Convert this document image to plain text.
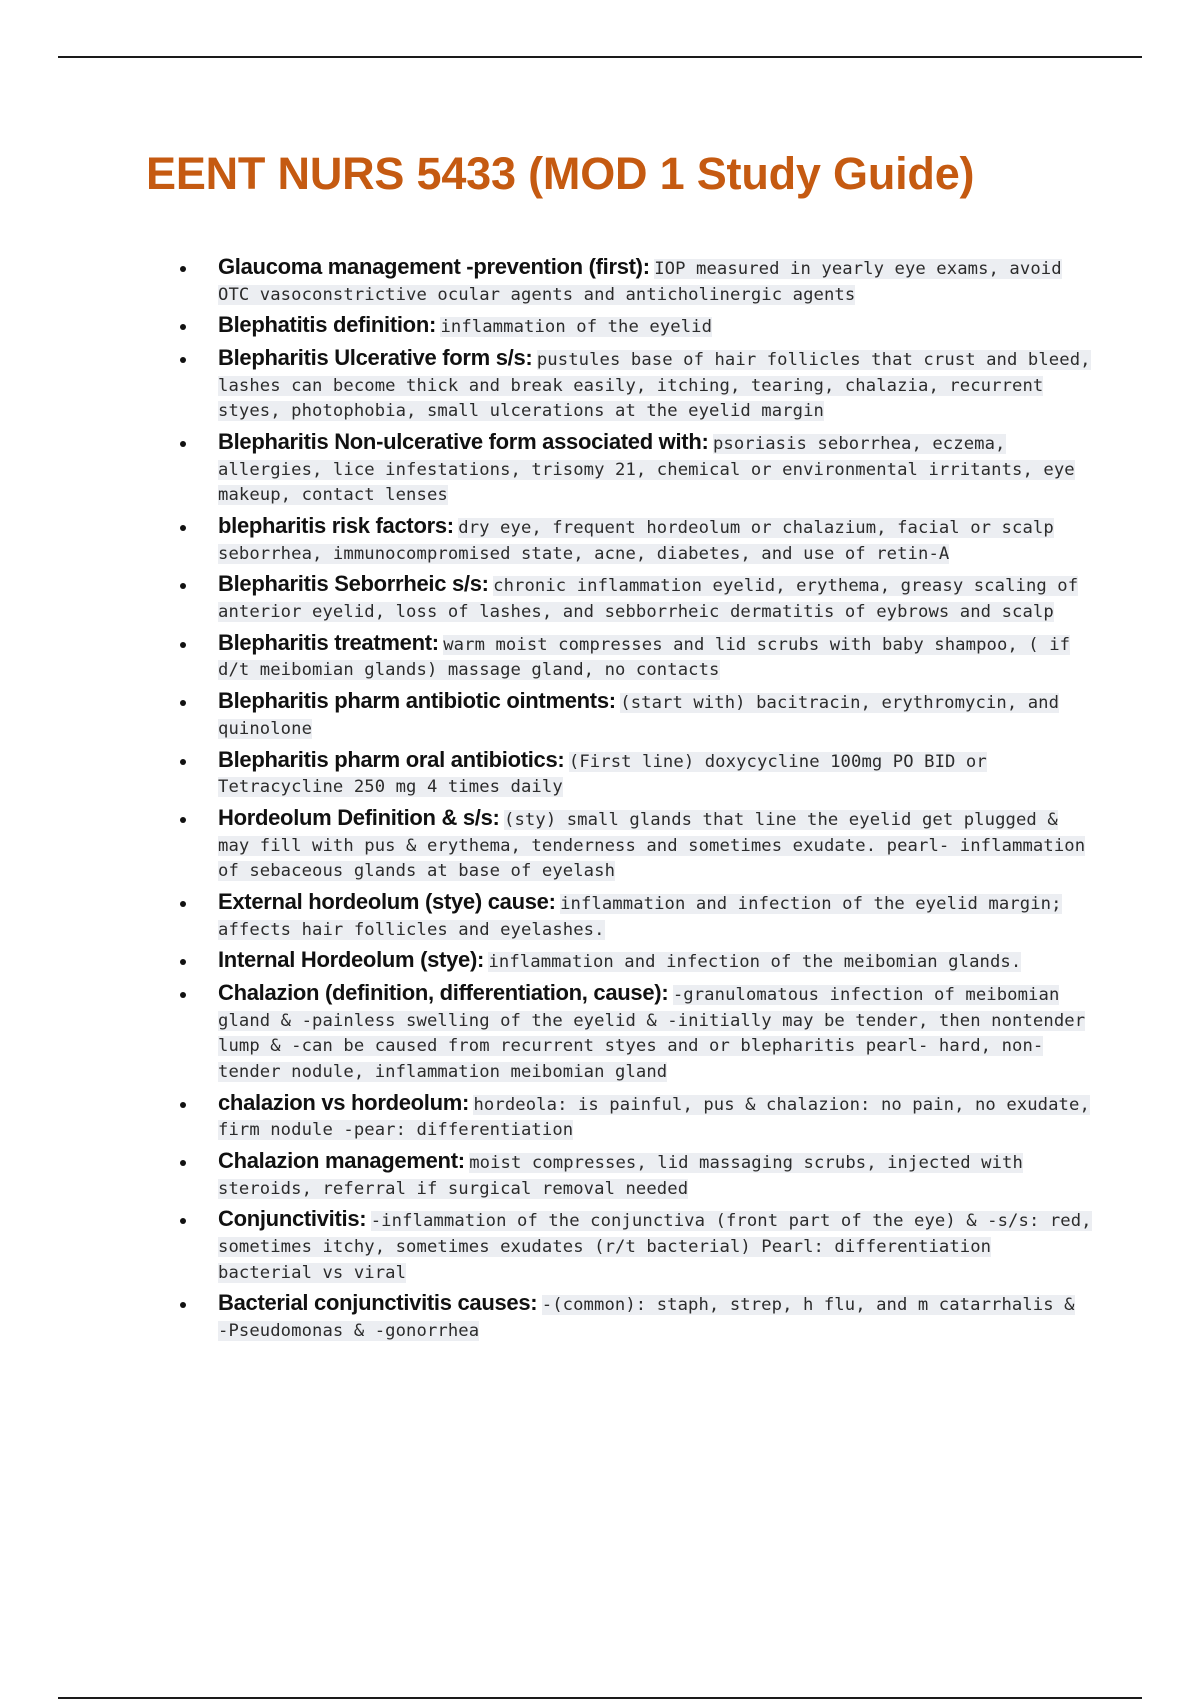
EENT NURS 5433 (MOD 1 Study Guide)
Glaucoma management -prevention (first): IOP measured in yearly eye exams, avoid OTC vasoconstrictive ocular agents and anticholinergic agents
Blephatitis definition: inflammation of the eyelid
Blepharitis Ulcerative form s/s: pustules base of hair follicles that crust and bleed, lashes can become thick and break easily, itching, tearing, chalazia, recurrent styes, photophobia, small ulcerations at the eyelid margin
Blepharitis Non-ulcerative form associated with: psoriasis seborrhea, eczema, allergies, lice infestations, trisomy 21, chemical or environmental irritants, eye makeup, contact lenses
blepharitis risk factors: dry eye, frequent hordeolum or chalazium, facial or scalp seborrhea, immunocompromised state, acne, diabetes, and use of retin-A
Blepharitis Seborrheic s/s: chronic inflammation eyelid, erythema, greasy scaling of anterior eyelid, loss of lashes, and sebborrheic dermatitis of eybrows and scalp
Blepharitis treatment: warm moist compresses and lid scrubs with baby shampoo, ( if d/t meibomian glands) massage gland, no contacts
Blepharitis pharm antibiotic ointments: (start with) bacitracin, erythromycin, and quinolone
Blepharitis pharm oral antibiotics: (First line) doxycycline 100mg PO BID or Tetracycline 250 mg 4 times daily
Hordeolum Definition & s/s: (sty) small glands that line the eyelid get plugged & may fill with pus & erythema, tenderness and sometimes exudate. pearl- inflammation of sebaceous glands at base of eyelash
External hordeolum (stye) cause: inflammation and infection of the eyelid margin; affects hair follicles and eyelashes.
Internal Hordeolum (stye): inflammation and infection of the meibomian glands.
Chalazion (definition, differentiation, cause): -granulomatous infection of meibomian gland & -painless swelling of the eyelid & -initially may be tender, then nontender lump & -can be caused from recurrent styes and or blepharitis pearl- hard, non-tender nodule, inflammation meibomian gland
chalazion vs hordeolum: hordeola: is painful, pus & chalazion: no pain, no exudate, firm nodule -pear: differentiation
Chalazion management: moist compresses, lid massaging scrubs, injected with steroids, referral if surgical removal needed
Conjunctivitis: -inflammation of the conjunctiva (front part of the eye) & -s/s: red, sometimes itchy, sometimes exudates (r/t bacterial) Pearl: differentiation bacterial vs viral
Bacterial conjunctivitis causes: -(common): staph, strep, h flu, and m catarrhalis & -Pseudomonas & -gonorrhea
